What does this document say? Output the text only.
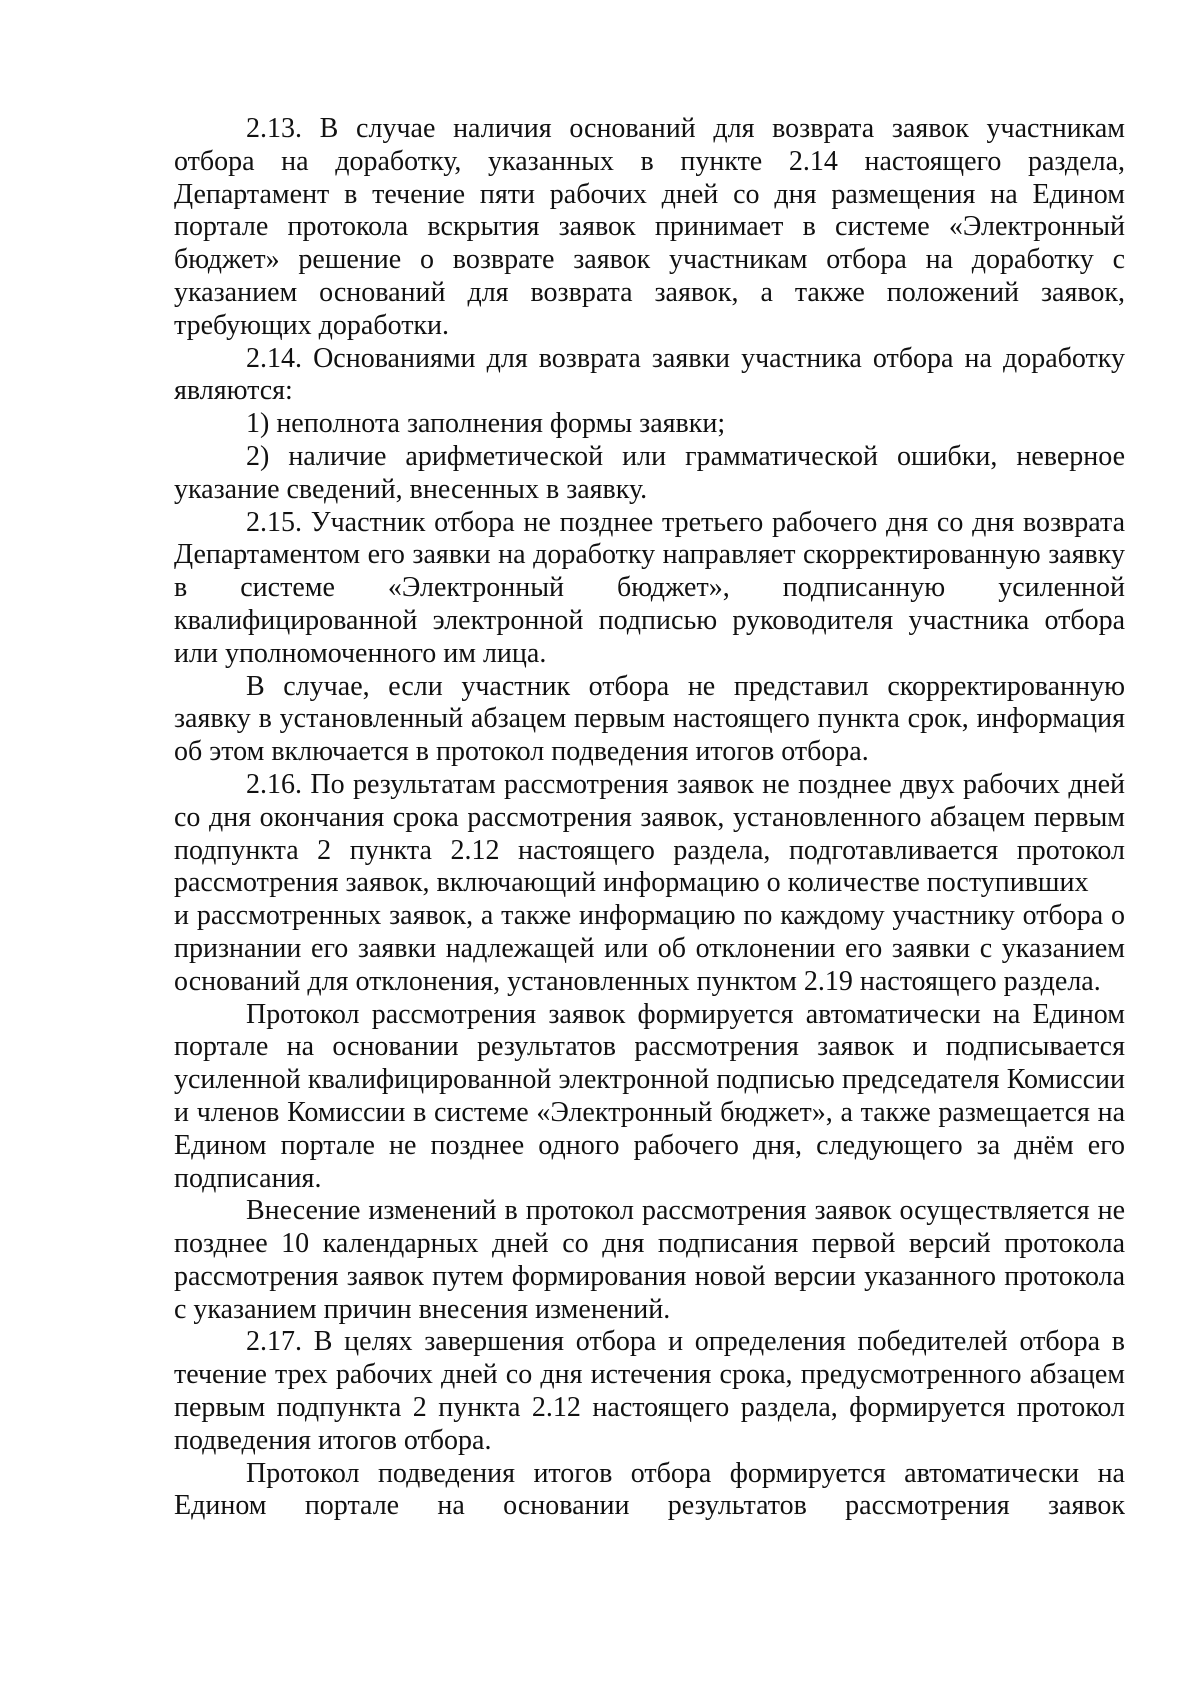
2.13. В случае наличия оснований для возврата заявок участникам отбора на доработку, указанных в пункте 2.14 настоящего раздела, Департамент в течение пяти рабочих дней со дня размещения на Едином портале протокола вскрытия заявок принимает в системе «Электронный бюджет» решение о возврате заявок участникам отбора на доработку с указанием оснований для возврата заявок, а также положений заявок, требующих доработки.

2.14. Основаниями для возврата заявки участника отбора на доработку являются:

1) неполнота заполнения формы заявки;

2) наличие арифметической или грамматической ошибки, неверное указание сведений, внесенных в заявку.

2.15. Участник отбора не позднее третьего рабочего дня со дня возврата Департаментом его заявки на доработку направляет скорректированную заявку в системе «Электронный бюджет», подписанную усиленной квалифицированной электронной подписью руководителя участника отбора или уполномоченного им лица.

В случае, если участник отбора не представил скорректированную заявку в установленный абзацем первым настоящего пункта срок, информация об этом включается в протокол подведения итогов отбора.

2.16. По результатам рассмотрения заявок не позднее двух рабочих дней со дня окончания срока рассмотрения заявок, установленного абзацем первым подпункта 2 пункта 2.12 настоящего раздела, подготавливается протокол рассмотрения заявок, включающий информацию о количестве поступивших

и рассмотренных заявок, а также информацию по каждому участнику отбора о признании его заявки надлежащей или об отклонении его заявки с указанием оснований для отклонения, установленных пунктом 2.19 настоящего раздела.

Протокол рассмотрения заявок формируется автоматически на Едином портале на основании результатов рассмотрения заявок и подписывается усиленной квалифицированной электронной подписью председателя Комиссии и членов Комиссии в системе «Электронный бюджет», а также размещается на Едином портале не позднее одного рабочего дня, следующего за днём его подписания.

Внесение изменений в протокол рассмотрения заявок осуществляется не позднее 10 календарных дней со дня подписания первой версий протокола рассмотрения заявок путем формирования новой версии указанного протокола с указанием причин внесения изменений.

2.17. В целях завершения отбора и определения победителей отбора в течение трех рабочих дней со дня истечения срока, предусмотренного абзацем первым подпункта 2 пункта 2.12 настоящего раздела, формируется протокол подведения итогов отбора.

Протокол подведения итогов отбора формируется автоматически на Едином портале на основании результатов рассмотрения заявок
